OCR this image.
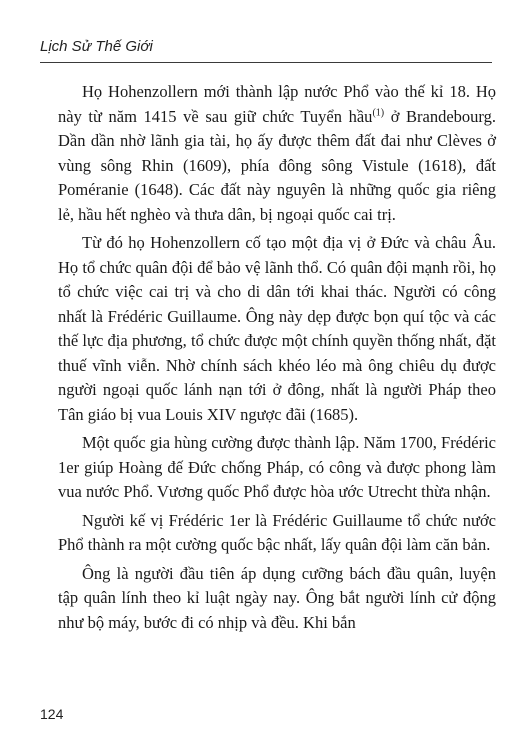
Lịch Sử Thế Giới

Họ Hohenzollern mới thành lập nước Phổ vào thế kỉ 18. Họ này từ năm 1415 về sau giữ chức Tuyển hầu$^{(1)}$ ở Brandebourg. Dần dần nhờ lãnh gia tài, họ ấy được thêm đất đai như Clèves ở vùng sông Rhin (1609), phía đông sông Vistule (1618), đất Poméranie (1648). Các đất này nguyên là những quốc gia riêng lẻ, hầu hết nghèo và thưa dân, bị ngoại quốc cai trị.

Từ đó họ Hohenzollern cố tạo một địa vị ở Đức và châu Âu. Họ tổ chức quân đội để bảo vệ lãnh thổ. Có quân đội mạnh rồi, họ tổ chức việc cai trị và cho di dân tới khai thác. Người có công nhất là Frédéric Guillaume. Ông này dẹp được bọn quí tộc và các thế lực địa phương, tổ chức được một chính quyền thống nhất, đặt thuế vĩnh viễn. Nhờ chính sách khéo léo mà ông chiêu dụ được người ngoại quốc lánh nạn tới ở đông, nhất là người Pháp theo Tân giáo bị vua Louis XIV ngược đãi (1685).

Một quốc gia hùng cường được thành lập. Năm 1700, Frédéric 1er giúp Hoàng đế Đức chống Pháp, có công và được phong làm vua nước Phổ. Vương quốc Phổ được hòa ước Utrecht thừa nhận.

Người kế vị Frédéric 1er là Frédéric Guillaume tổ chức nước Phổ thành ra một cường quốc bậc nhất, lấy quân đội làm căn bản.

Ông là người đầu tiên áp dụng cưỡng bách đầu quân, luyện tập quân lính theo kỉ luật ngày nay. Ông bắt người lính cử động như bộ máy, bước đi có nhịp và đều. Khi bắn

124
